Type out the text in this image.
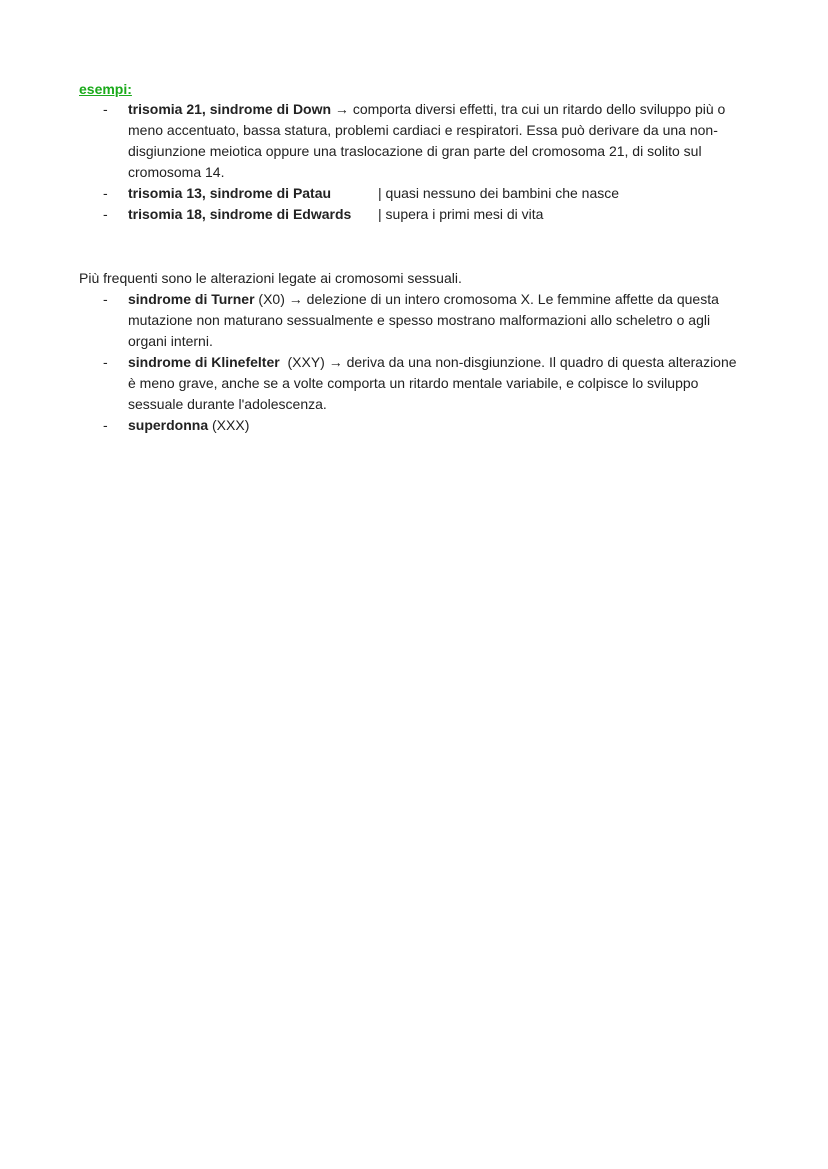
esempi:
- trisomia 21, sindrome di Down → comporta diversi effetti, tra cui un ritardo dello sviluppo più o meno accentuato, bassa statura, problemi cardiaci e respiratori. Essa può derivare da una non-disgiunzione meiotica oppure una traslocazione di gran parte del cromosoma 21, di solito sul cromosoma 14.
- trisomia 13, sindrome di Patau	| quasi nessuno dei bambini che nasce
- trisomia 18, sindrome di Edwards | supera i primi mesi di vita
Più frequenti sono le alterazioni legate ai cromosomi sessuali.
- sindrome di Turner (X0) → delezione di un intero cromosoma X. Le femmine affette da questa mutazione non maturano sessualmente e spesso mostrano malformazioni allo scheletro o agli organi interni.
- sindrome di Klinefelter  (XXY) → deriva da una non-disgiunzione. Il quadro di questa alterazione è meno grave, anche se a volte comporta un ritardo mentale variabile, e colpisce lo sviluppo sessuale durante l'adolescenza.
- superdonna (XXX)
